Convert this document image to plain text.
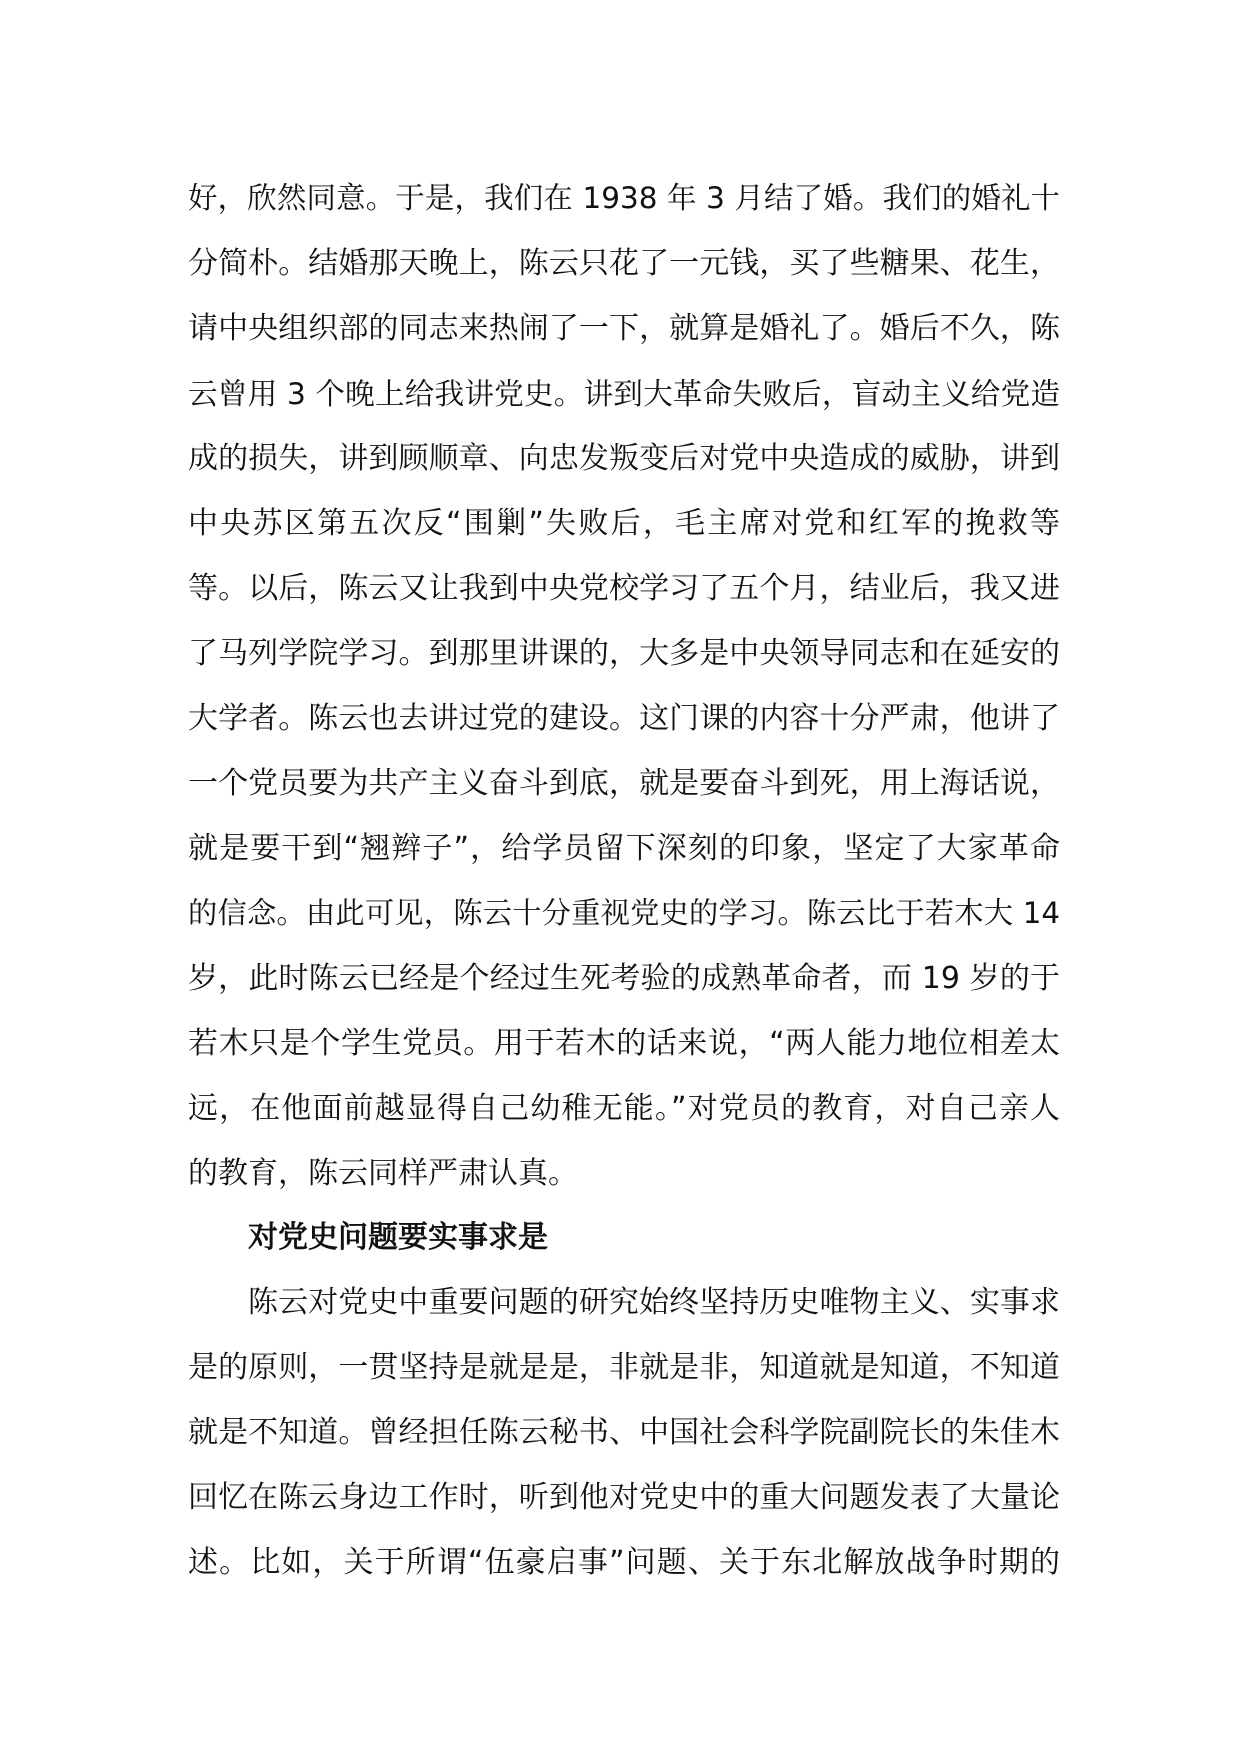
好，欣然同意。于是，我们在 1938 年 3 月结了婚。我们的婚礼十
分简朴。结婚那天晚上，陈云只花了一元钱，买了些糖果、花生，
请中央组织部的同志来热闹了一下，就算是婚礼了。婚后不久，陈
云曾用 3 个晚上给我讲党史。讲到大革命失败后，盲动主义给党造
成的损失，讲到顾顺章、向忠发叛变后对党中央造成的威胁，讲到
中央苏区第五次反“围剿”失败后，毛主席对党和红军的挽救等
等。以后，陈云又让我到中央党校学习了五个月，结业后，我又进
了马列学院学习。到那里讲课的，大多是中央领导同志和在延安的
大学者。陈云也去讲过党的建设。这门课的内容十分严肃，他讲了
一个党员要为共产主义奋斗到底，就是要奋斗到死，用上海话说，
就是要干到“翘辫子”，给学员留下深刻的印象，坚定了大家革命
的信念。由此可见，陈云十分重视党史的学习。陈云比于若木大 14
岁，此时陈云已经是个经过生死考验的成熟革命者，而 19 岁的于
若木只是个学生党员。用于若木的话来说，“两人能力地位相差太
远，在他面前越显得自己幼稚无能。”对党员的教育，对自己亲人
的教育，陈云同样严肃认真。
对党史问题要实事求是
陈云对党史中重要问题的研究始终坚持历史唯物主义、实事求
是的原则，一贯坚持是就是是，非就是非，知道就是知道，不知道
就是不知道。曾经担任陈云秘书、中国社会科学院副院长的朱佳木
回忆在陈云身边工作时，听到他对党史中的重大问题发表了大量论
述。比如，关于所谓“伍豪启事”问题、关于东北解放战争时期的
